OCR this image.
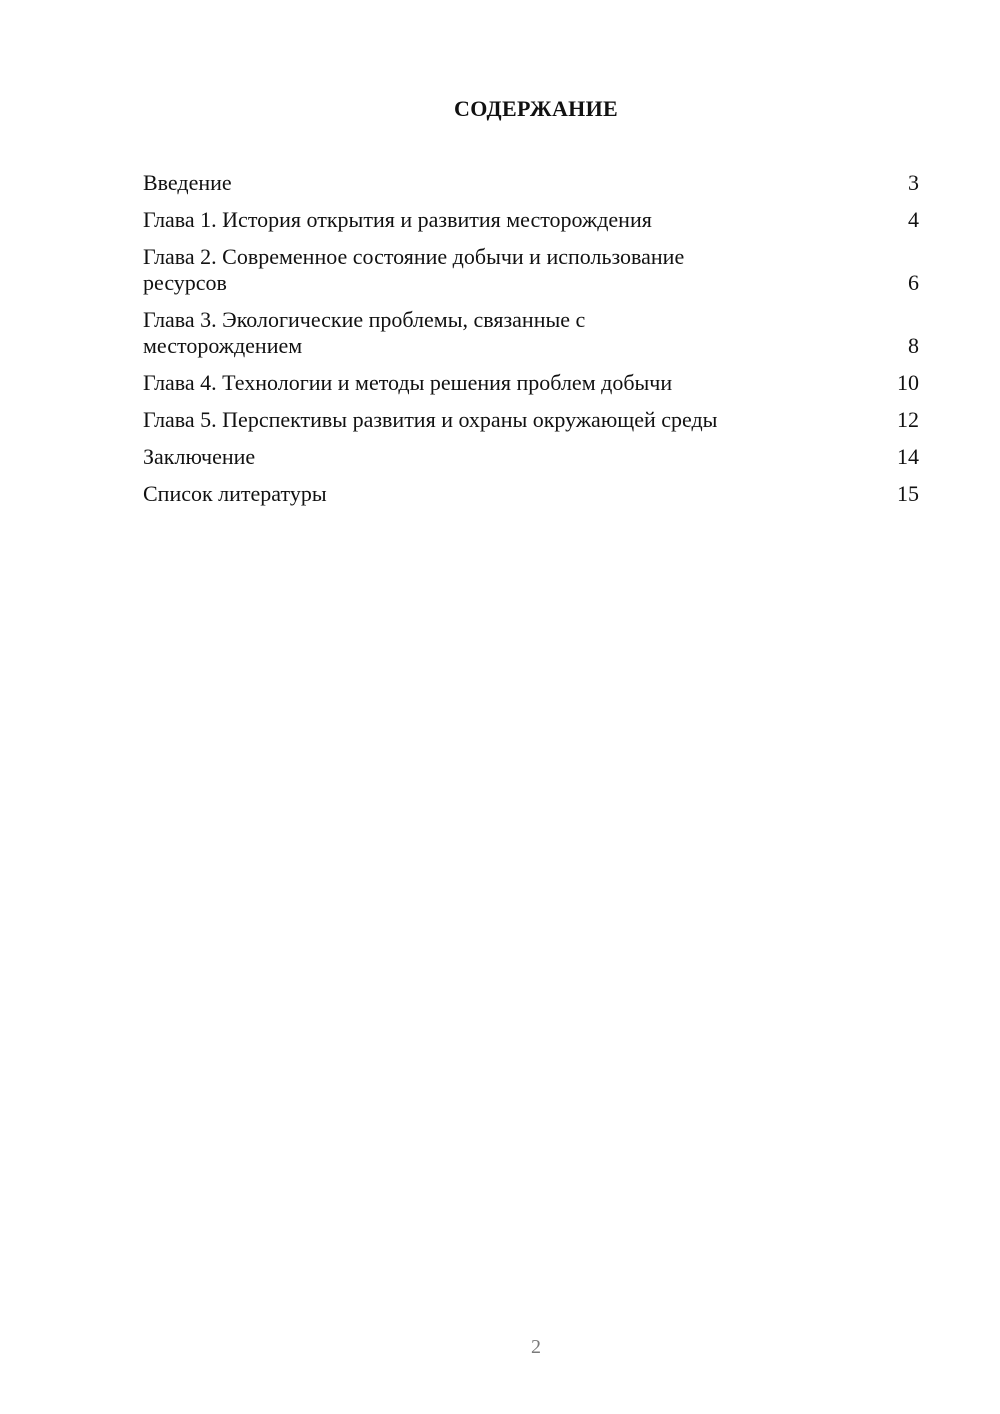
СОДЕРЖАНИЕ
Введение	3
Глава 1. История открытия и развития месторождения	4
Глава 2. Современное состояние добычи и использование
ресурсов	6
Глава 3. Экологические проблемы, связанные с
месторождением	8
Глава 4. Технологии и методы решения проблем добычи	10
Глава 5. Перспективы развития и охраны окружающей среды	12
Заключение	14
Список литературы	15
2
